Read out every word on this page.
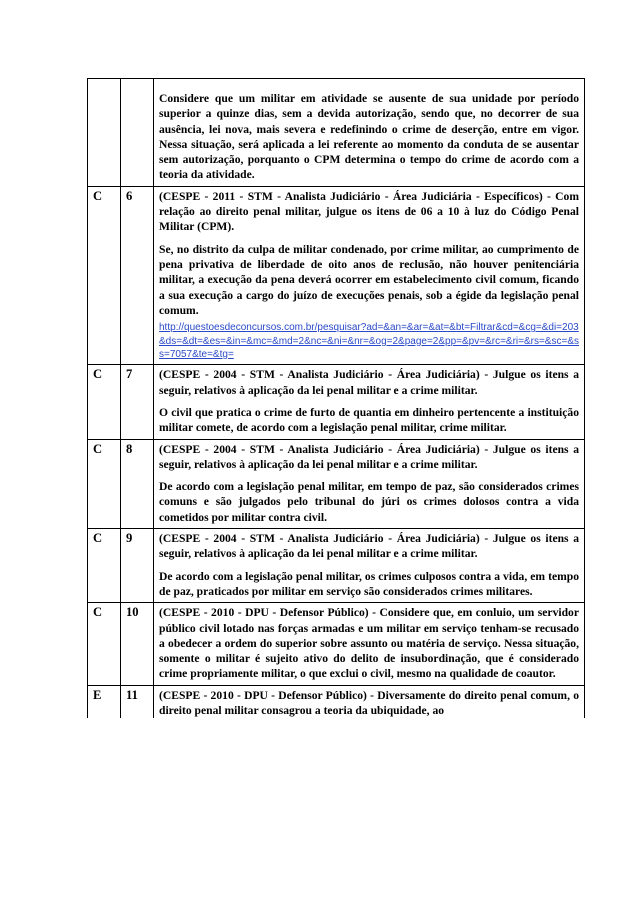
		Considere que um militar em atividade se ausente de sua unidade por período superior a quinze dias, sem a devida autorização, sendo que, no decorrer de sua ausência, lei nova, mais severa e redefinindo o crime de deserção, entre em vigor. Nessa situação, será aplicada a lei referente ao momento da conduta de se ausentar sem autorização, porquanto o CPM determina o tempo do crime de acordo com a teoria da atividade.

C	6	(CESPE - 2011 - STM - Analista Judiciário - Área Judiciária - Específicos) - Com relação ao direito penal militar, julgue os itens de 06 a 10 à luz do Código Penal Militar (CPM).

Se, no distrito da culpa de militar condenado, por crime militar, ao cumprimento de pena privativa de liberdade de oito anos de reclusão, não houver penitenciária militar, a execução da pena deverá ocorrer em estabelecimento civil comum, ficando a sua execução a cargo do juízo de execuções penais, sob a égide da legislação penal comum.

http://questoesdeconcursos.com.br/pesquisar?ad=&an=&ar=&at=&bt=Filtrar&cd=&cg=&di=203&ds=&dt=&es=&in=&mc=&md=2&nc=&ni=&nr=&og=2&page=2&pp=&pv=&rc=&ri=&rs=&sc=&ss=7057&te=&tg=

C	7	(CESPE - 2004 - STM - Analista Judiciário - Área Judiciária) - Julgue os itens a seguir, relativos à aplicação da lei penal militar e a crime militar.

O civil que pratica o crime de furto de quantia em dinheiro pertencente a instituição militar comete, de acordo com a legislação penal militar, crime militar.

C	8	(CESPE - 2004 - STM - Analista Judiciário - Área Judiciária) - Julgue os itens a seguir, relativos à aplicação da lei penal militar e a crime militar.

De acordo com a legislação penal militar, em tempo de paz, são considerados crimes comuns e são julgados pelo tribunal do júri os crimes dolosos contra a vida cometidos por militar contra civil.

C	9	(CESPE - 2004 - STM - Analista Judiciário - Área Judiciária) - Julgue os itens a seguir, relativos à aplicação da lei penal militar e a crime militar.

De acordo com a legislação penal militar, os crimes culposos contra a vida, em tempo de paz, praticados por militar em serviço são considerados crimes militares.

C	10	(CESPE - 2010 - DPU - Defensor Público) - Considere que, em conluio, um servidor público civil lotado nas forças armadas e um militar em serviço tenham-se recusado a obedecer a ordem do superior sobre assunto ou matéria de serviço. Nessa situação, somente o militar é sujeito ativo do delito de insubordinação, que é considerado crime propriamente militar, o que exclui o civil, mesmo na qualidade de coautor.

E	11	(CESPE - 2010 - DPU - Defensor Público) - Diversamente do direito penal comum, o direito penal militar consagrou a teoria da ubiquidade, ao
